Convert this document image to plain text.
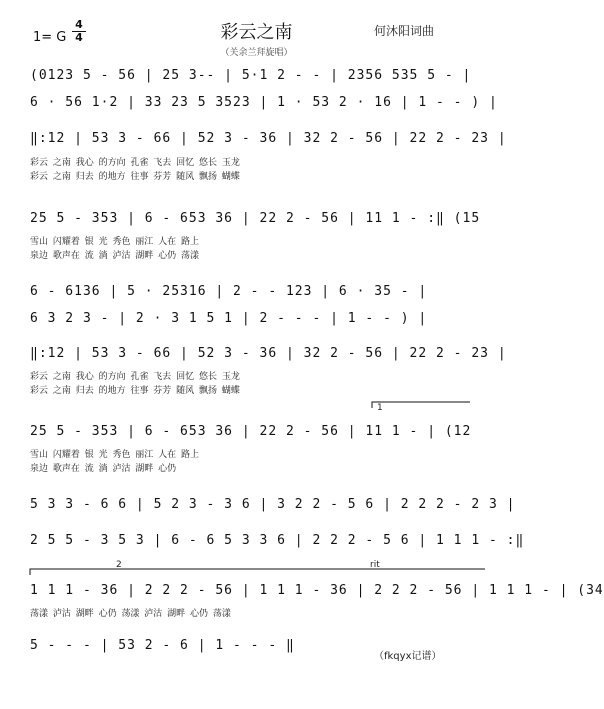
1= G
4
4	彩云之南
（关余兰拜旋唱）
何沐阳词曲
(0123 5 - 56 | 25 3-- | 5·1 2 - - | 2356 535 5 - |
6 · 56 1·2 | 33 23 5 3523 | 1 · 53 2 · 16 | 1 - - ) |
‖:12 | 53 3 - 66 | 52 3 - 36 | 32 2 - 56 | 22 2 - 23 |
彩云 之南 我心 的方向 孔雀 飞去 回忆 悠长 玉龙
彩云 之南 归去 的地方 往事 芬芳 随风 飘扬 蝴蝶
25 5 - 353 | 6 - 653 36 | 22 2 - 56 | 11 1 - :‖ (15
雪山 闪耀着 银 光 秀色 丽江 人在 路上
泉边 歌声在 流 淌 泸沽 湖畔 心仍 荡漾
6 - 6136 | 5 · 25316 | 2 - - 123 | 6 · 35 - |
6 3 2 3 - | 2 · 3 1 5 1 | 2 - - - | 1 - - ) |
‖:12 | 53 3 - 66 | 52 3 - 36 | 32 2 - 56 | 22 2 - 23 |
彩云 之南 我心 的方向 孔雀 飞去 回忆 悠长 玉龙
彩云 之南 归去 的地方 往事 芬芳 随风 飘扬 蝴蝶
1
2	rit
25 5 - 353 | 6 - 653 36 | 22 2 - 56 | 11 1 - | (12
雪山 闪耀着 银 光 秀色 丽江 人在 路上
泉边 歌声在 流 淌 泸沽 湖畔 心仍
5 3 3 - 6 6 | 5 2 3 - 3 6 | 3 2 2 - 5 6 | 2 2 2 - 2 3 |
2 5 5 - 3 5 3 | 6 - 6 5 3 3 6 | 2 2 2 - 5 6 | 1 1 1 - :‖
1 1 1 - 36 | 2 2 2 - 56 | 1 1 1 - 36 | 2 2 2 - 56 | 1 1 1 - | (34
荡漾 泸沽 湖畔 心仍 荡漾 泸沽 湖畔 心仍 荡漾
5 - - - | 53 2 - 6 | 1 - - - ‖
（fkqyx记谱）
